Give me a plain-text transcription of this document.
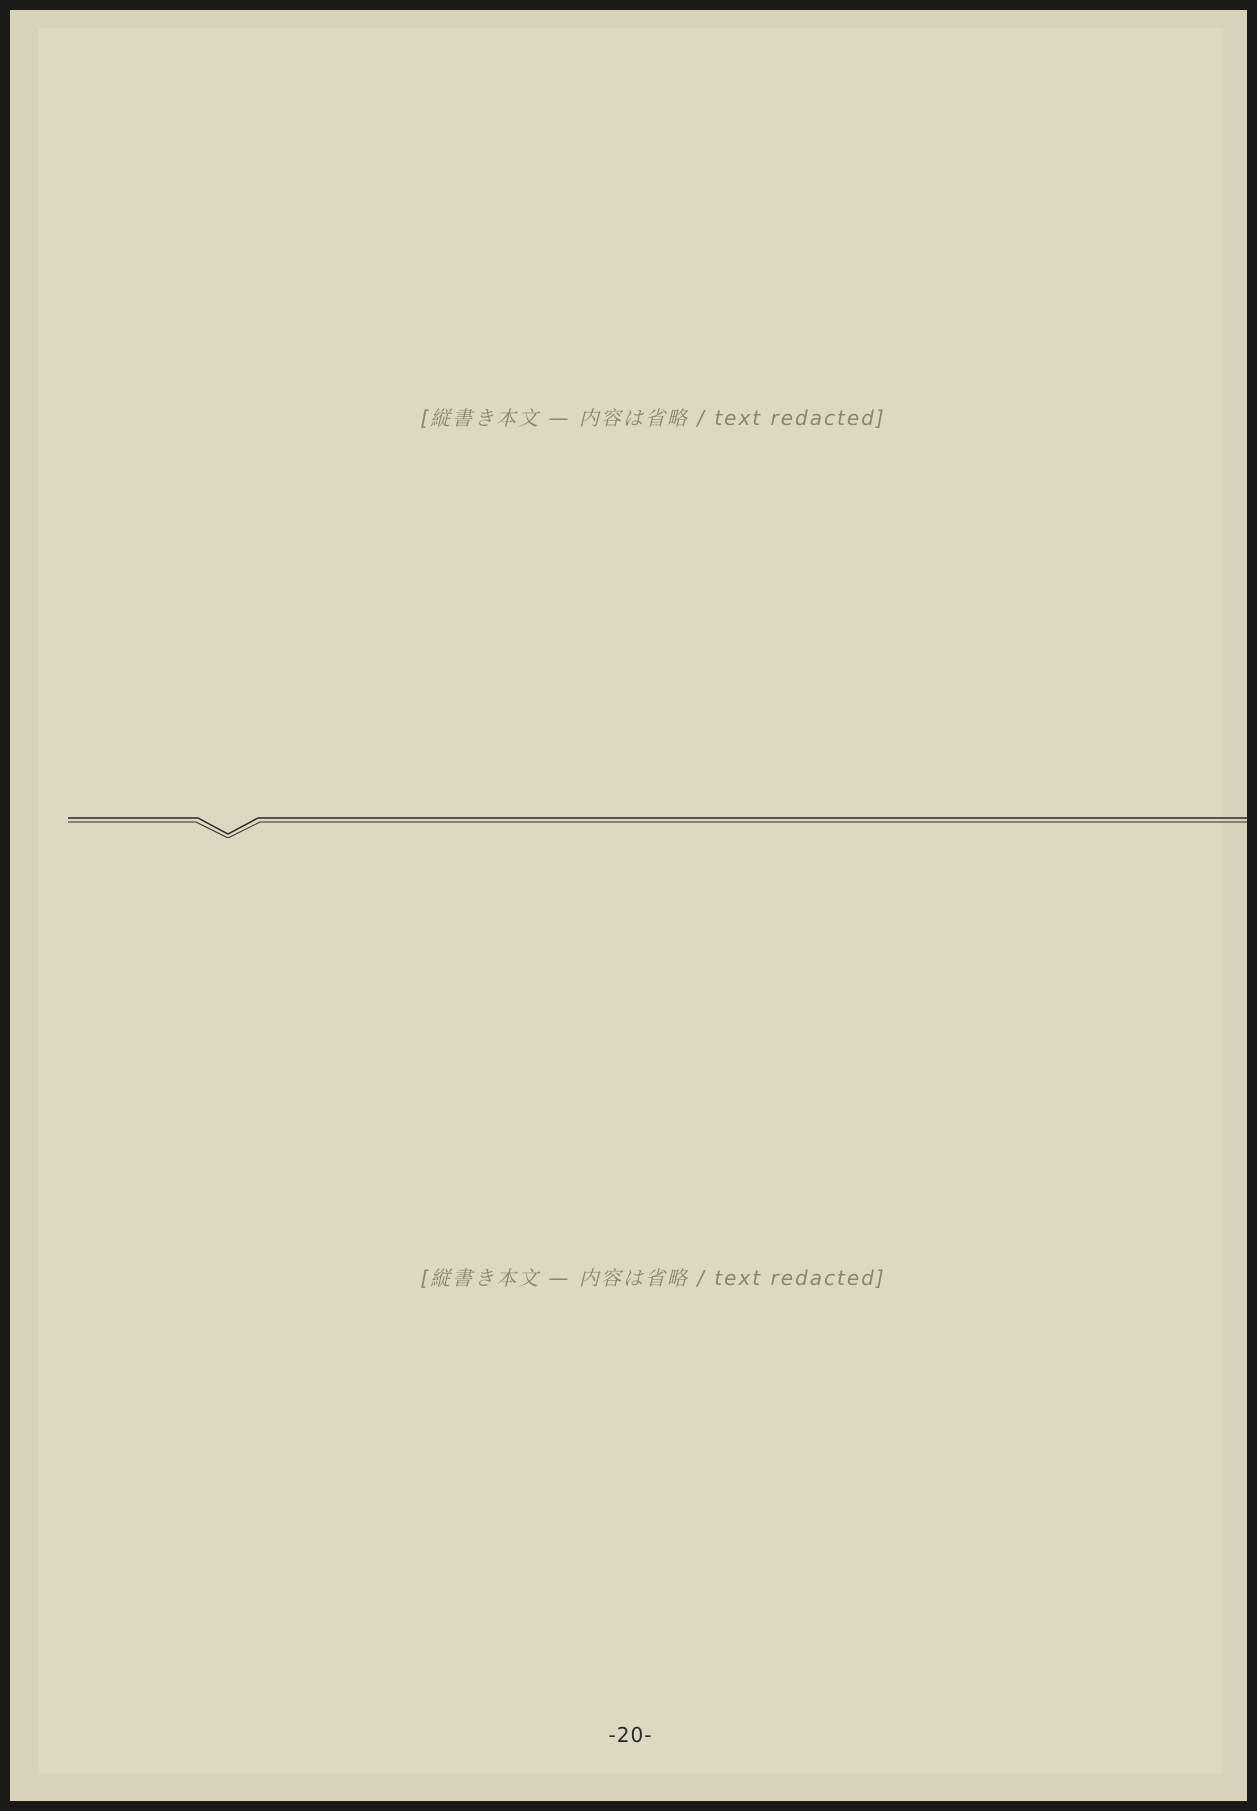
[縦書き本文 — 内容は省略 / text redacted]
[縦書き本文 — 内容は省略 / text redacted]
-20-
